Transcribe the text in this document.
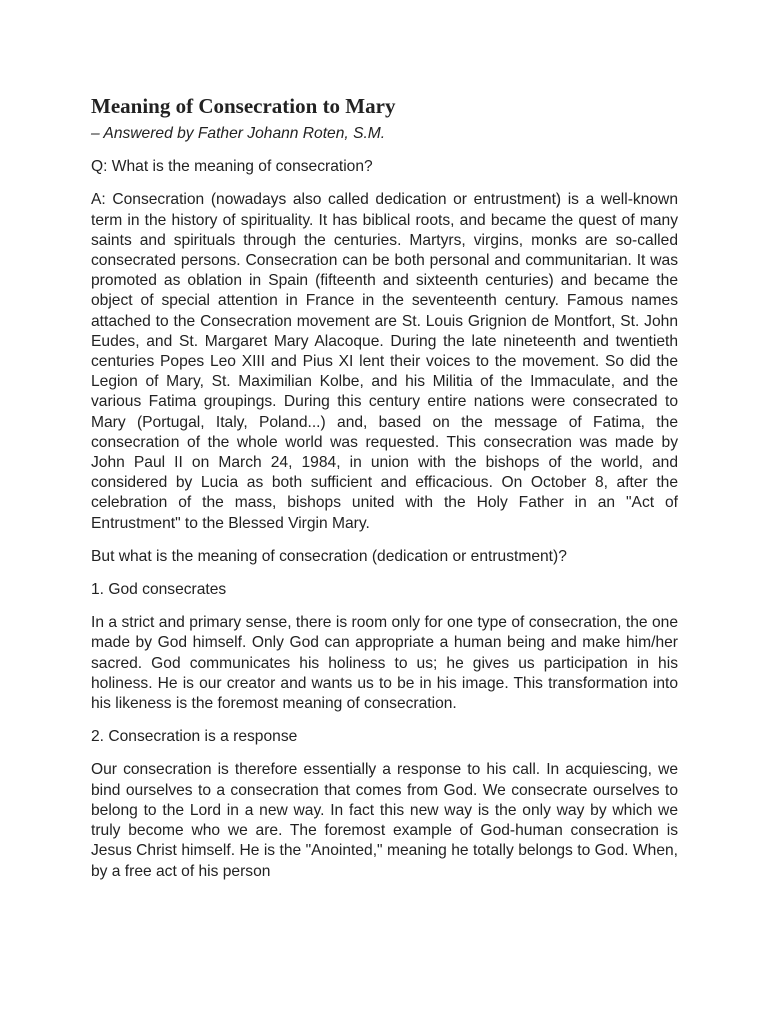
Meaning of Consecration to Mary

– Answered by Father Johann Roten, S.M.

Q: What is the meaning of consecration?

A: Consecration (nowadays also called dedication or entrustment) is a well-known term in the history of spirituality. It has biblical roots, and became the quest of many saints and spirituals through the centuries. Martyrs, virgins, monks are so-called consecrated persons. Consecration can be both personal and communitarian. It was promoted as oblation in Spain (fifteenth and sixteenth centuries) and became the object of special attention in France in the seventeenth century. Famous names attached to the Consecration movement are St. Louis Grignion de Montfort, St. John Eudes, and St. Margaret Mary Alacoque. During the late nineteenth and twentieth centuries Popes Leo XIII and Pius XI lent their voices to the movement. So did the Legion of Mary, St. Maximilian Kolbe, and his Militia of the Immaculate, and the various Fatima groupings. During this century entire nations were consecrated to Mary (Portugal, Italy, Poland...) and, based on the message of Fatima, the consecration of the whole world was requested. This consecration was made by John Paul II on March 24, 1984, in union with the bishops of the world, and considered by Lucia as both sufficient and efficacious. On October 8, after the celebration of the mass, bishops united with the Holy Father in an "Act of Entrustment" to the Blessed Virgin Mary.

But what is the meaning of consecration (dedication or entrustment)?

1. God consecrates

In a strict and primary sense, there is room only for one type of consecration, the one made by God himself. Only God can appropriate a human being and make him/her sacred. God communicates his holiness to us; he gives us participation in his holiness. He is our creator and wants us to be in his image. This transformation into his likeness is the foremost meaning of consecration.

2. Consecration is a response

Our consecration is therefore essentially a response to his call. In acquiescing, we bind ourselves to a consecration that comes from God. We consecrate ourselves to belong to the Lord in a new way. In fact this new way is the only way by which we truly become who we are. The foremost example of God-human consecration is Jesus Christ himself. He is the "Anointed," meaning he totally belongs to God. When, by a free act of his person
